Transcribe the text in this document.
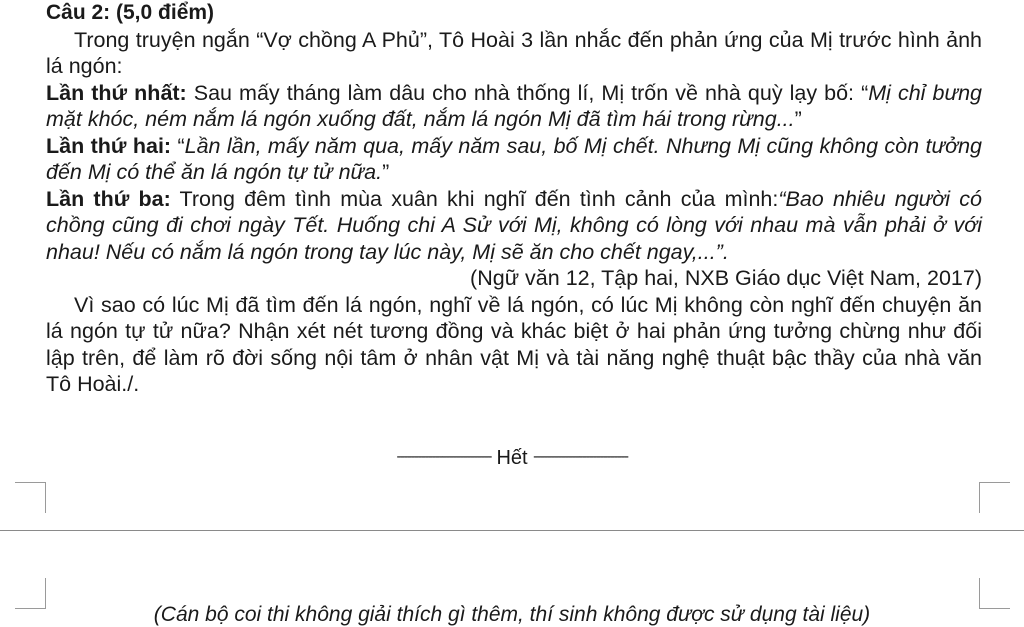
Câu 2: (5,0 điểm)

Trong truyện ngắn “Vợ chồng A Phủ”, Tô Hoài 3 lần nhắc đến phản ứng của Mị trước hình ảnh lá ngón:

Lần thứ nhất: Sau mấy tháng làm dâu cho nhà thống lí, Mị trốn về nhà quỳ lạy bố: “Mị chỉ bưng mặt khóc, ném nắm lá ngón xuống đất, nắm lá ngón Mị đã tìm hái trong rừng...”

Lần thứ hai: “Lần lần, mấy năm qua, mấy năm sau, bố Mị chết. Nhưng Mị cũng không còn tưởng đến Mị có thể ăn lá ngón tự tử nữa.”

Lần thứ ba: Trong đêm tình mùa xuân khi nghĩ đến tình cảnh của mình:“Bao nhiêu người có chồng cũng đi chơi ngày Tết. Huống chi A Sử với Mị, không có lòng với nhau mà vẫn phải ở với nhau! Nếu có nắm lá ngón trong tay lúc này, Mị sẽ ăn cho chết ngay,...”.

(Ngữ văn 12, Tập hai, NXB Giáo dục Việt Nam, 2017)

Vì sao có lúc Mị đã tìm đến lá ngón, nghĩ về lá ngón, có lúc Mị không còn nghĩ đến chuyện ăn lá ngón tự tử nữa? Nhận xét nét tương đồng và khác biệt ở hai phản ứng tưởng chừng như đối lập trên, để làm rõ đời sống nội tâm ở nhân vật Mị và tài năng nghệ thuật bậc thầy của nhà văn Tô Hoài./.

--------------------------- Hết ---------------------------
(Cán bộ coi thi không giải thích gì thêm, thí sinh không được sử dụng tài liệu)
